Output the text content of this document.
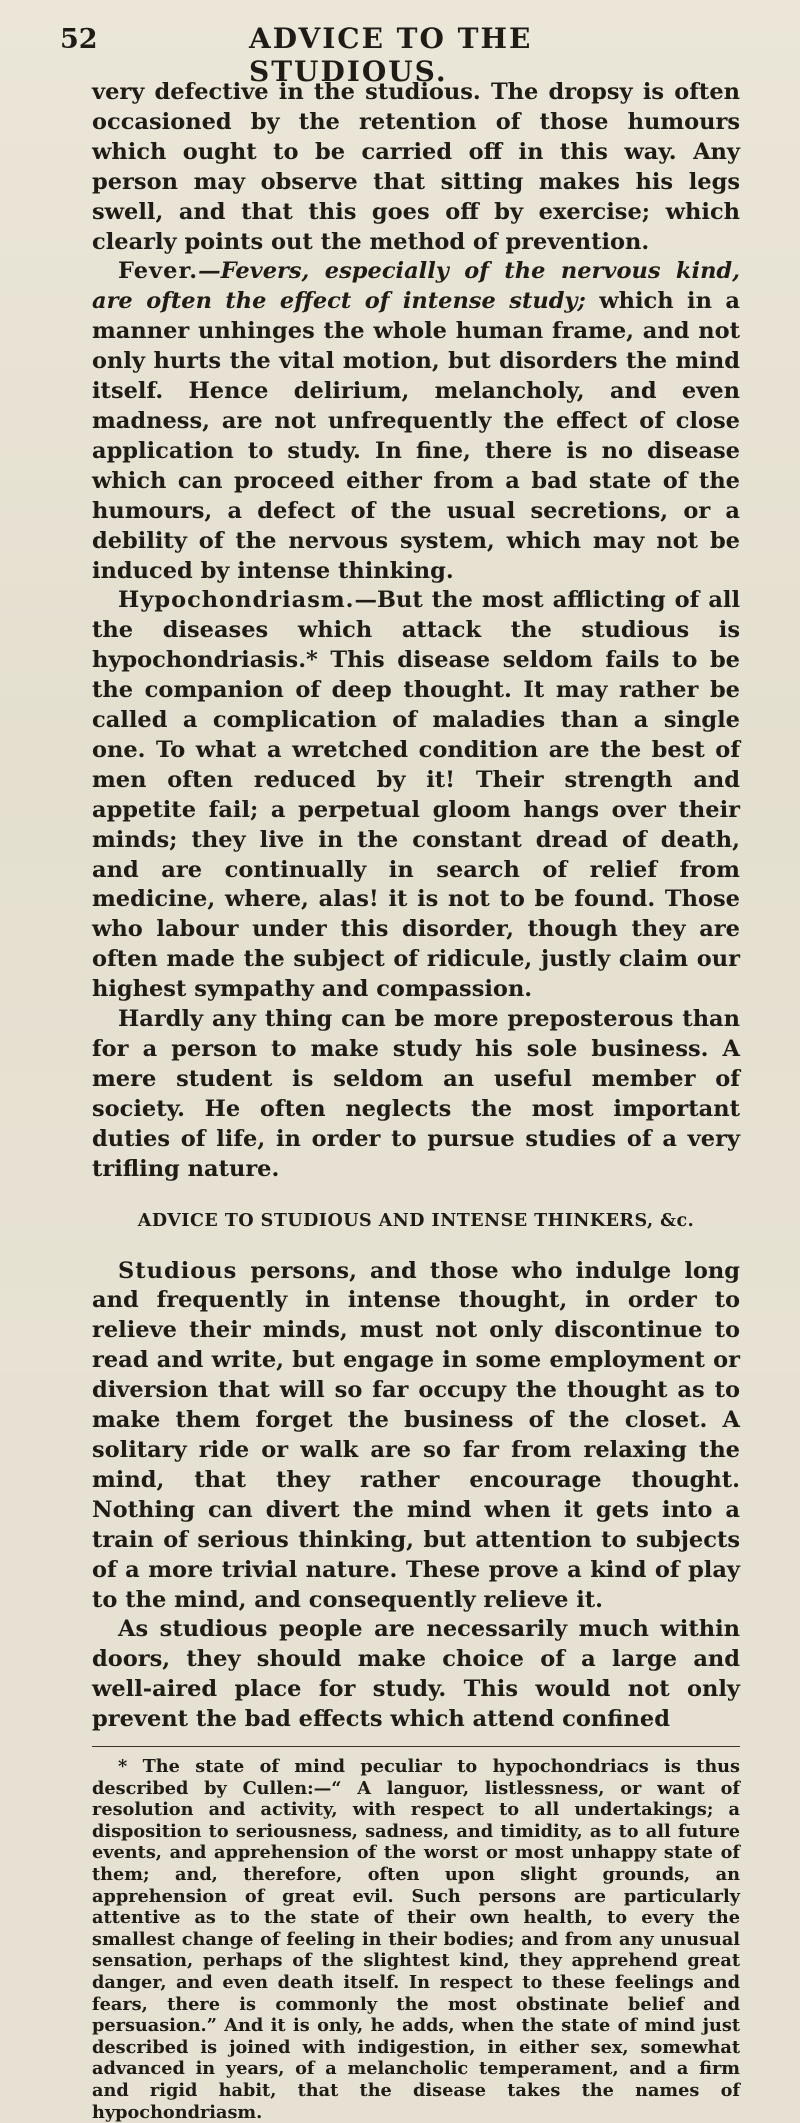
52	ADVICE TO THE STUDIOUS.

very defective in the studious. The dropsy is often occasioned by the retention of those humours which ought to be carried off in this way. Any person may observe that sitting makes his legs swell, and that this goes off by exercise; which clearly points out the method of prevention.

Fever.—Fevers, especially of the nervous kind, are often the effect of intense study; which in a manner unhinges the whole human frame, and not only hurts the vital motion, but disorders the mind itself. Hence delirium, melancholy, and even madness, are not unfrequently the effect of close application to study. In fine, there is no disease which can proceed either from a bad state of the humours, a defect of the usual secretions, or a debility of the nervous system, which may not be induced by intense thinking.

Hypochondriasm.—But the most afflicting of all the diseases which attack the studious is hypochondriasis.* This disease seldom fails to be the companion of deep thought. It may rather be called a complication of maladies than a single one. To what a wretched condition are the best of men often reduced by it! Their strength and appetite fail; a perpetual gloom hangs over their minds; they live in the constant dread of death, and are continually in search of relief from medicine, where, alas! it is not to be found. Those who labour under this disorder, though they are often made the subject of ridicule, justly claim our highest sympathy and compassion.

Hardly any thing can be more preposterous than for a person to make study his sole business. A mere student is seldom an useful member of society. He often neglects the most important duties of life, in order to pursue studies of a very trifling nature.

ADVICE TO STUDIOUS AND INTENSE THINKERS, &c.

Studious persons, and those who indulge long and frequently in intense thought, in order to relieve their minds, must not only discontinue to read and write, but engage in some employment or diversion that will so far occupy the thought as to make them forget the business of the closet. A solitary ride or walk are so far from relaxing the mind, that they rather encourage thought. Nothing can divert the mind when it gets into a train of serious thinking, but attention to subjects of a more trivial nature. These prove a kind of play to the mind, and consequently relieve it.

As studious people are necessarily much within doors, they should make choice of a large and well-aired place for study. This would not only prevent the bad effects which attend confined

* The state of mind peculiar to hypochondriacs is thus described by Cullen:—“ A languor, listlessness, or want of resolution and activity, with respect to all undertakings; a disposition to seriousness, sadness, and timidity, as to all future events, and apprehension of the worst or most unhappy state of them; and, therefore, often upon slight grounds, an apprehension of great evil. Such persons are particularly attentive as to the state of their own health, to every the smallest change of feeling in their bodies; and from any unusual sensation, perhaps of the slightest kind, they apprehend great danger, and even death itself. In respect to these feelings and fears, there is commonly the most obstinate belief and persuasion.” And it is only, he adds, when the state of mind just described is joined with indigestion, in either sex, somewhat advanced in years, of a melancholic temperament, and a firm and rigid habit, that the disease takes the names of hypochondriasm.
